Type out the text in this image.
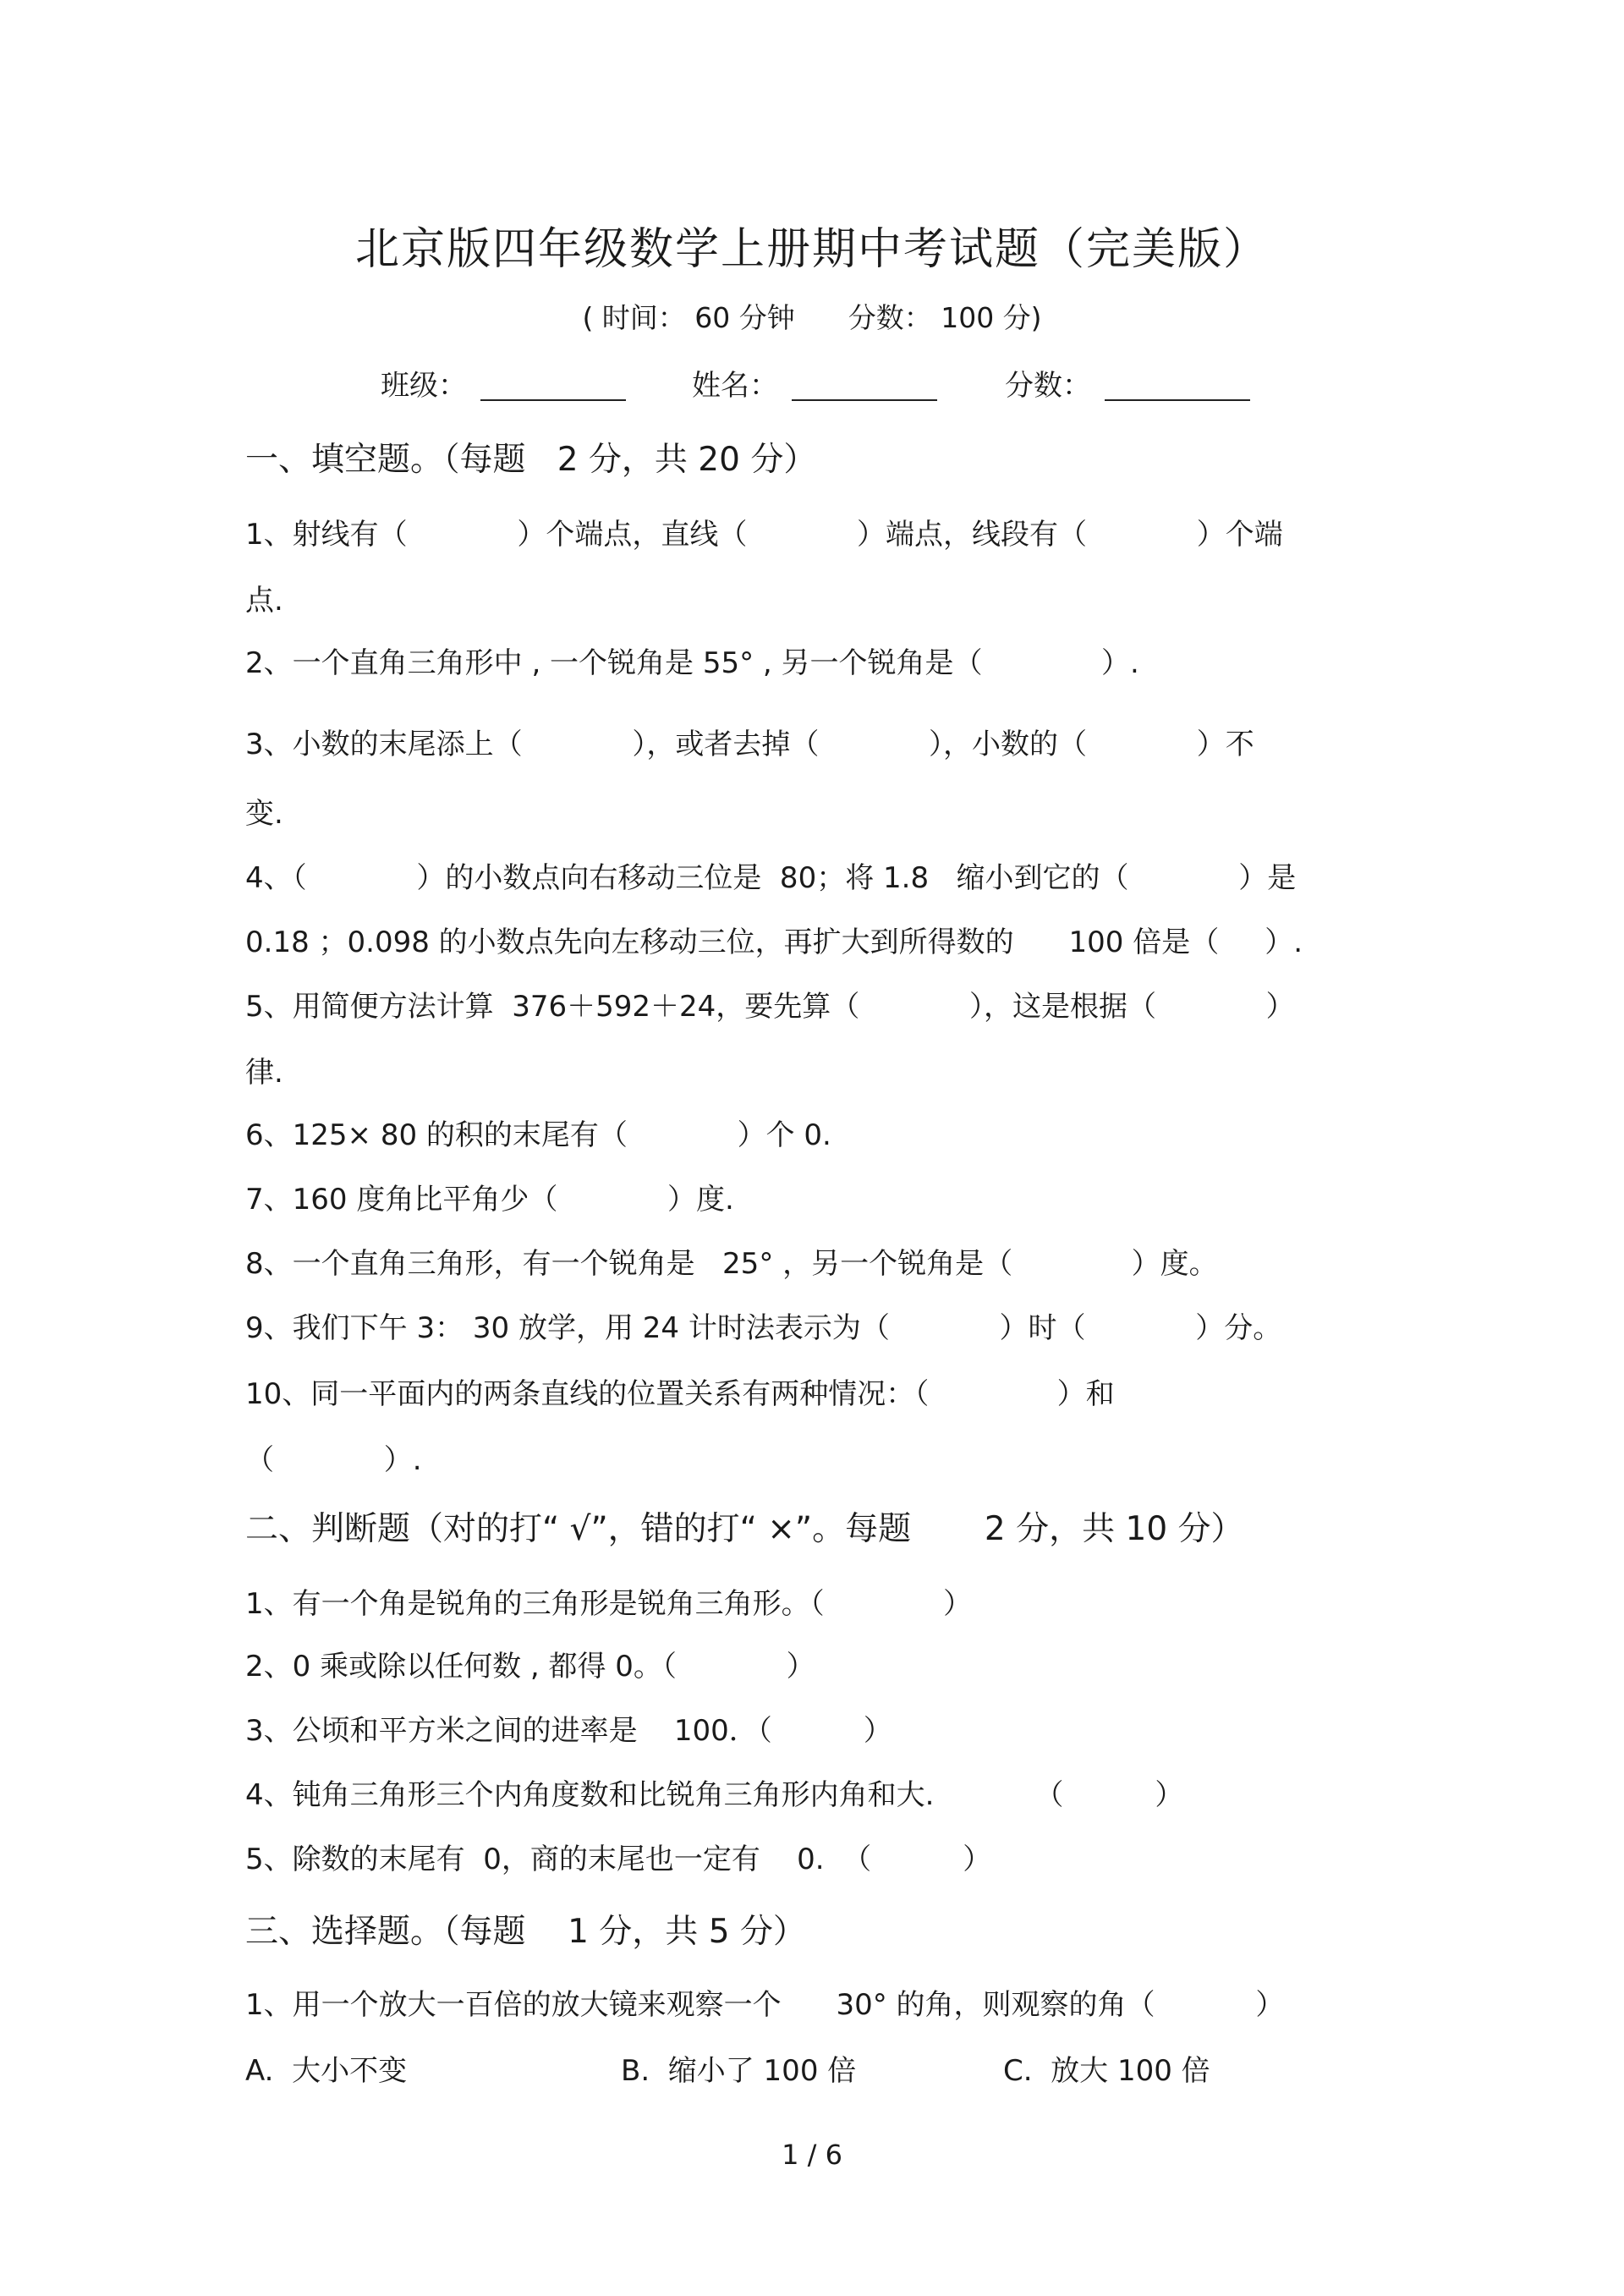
北京版四年级数学上册期中考试题（完美版）
( 时间： 60 分钟      分数： 100 分)
班级：	姓名：	分数：
一、填空题。（每题   2 分，共 20 分）
1、射线有（            ）个端点，直线（            ）端点，线段有（            ）个端
点.
2、一个直角三角形中 , 一个锐角是 55° , 另一个锐角是（             ）.
3、小数的末尾添上（            ），或者去掉（            ），小数的（            ）不
变.
4、（            ）的小数点向右移动三位是  80；将 1.8   缩小到它的（            ）是
0.18 ；0.098 的小数点先向左移动三位，再扩大到所得数的      100 倍是（     ）.
5、用简便方法计算  376＋592＋24，要先算（            ），这是根据（            ）
律.
6、125× 80 的积的末尾有（            ）个 0.
7、160 度角比平角少（            ）度.
8、一个直角三角形，有一个锐角是   25° ，另一个锐角是（             ）度。
9、我们下午 3： 30 放学，用 24 计时法表示为（            ）时（            ）分。
10、同一平面内的两条直线的位置关系有两种情况：（              ）和
（            ）.
二、判断题（对的打“ √”，错的打“ ×”。每题       2 分，共 10 分）
1、有一个角是锐角的三角形是锐角三角形。（             ）
2、0 乘或除以任何数 , 都得 0。（            ）
3、公顷和平方米之间的进率是    100．（          ）
4、钝角三角形三个内角度数和比锐角三角形内角和大.           （          ）
5、除数的末尾有  0，商的末尾也一定有    0.  （          ）
三、选择题。（每题    1 分，共 5 分）
1、用一个放大一百倍的放大镜来观察一个      30° 的角，则观察的角（           ）
A.  大小不变	B.  缩小了 100 倍	C.  放大 100 倍
1 / 6
